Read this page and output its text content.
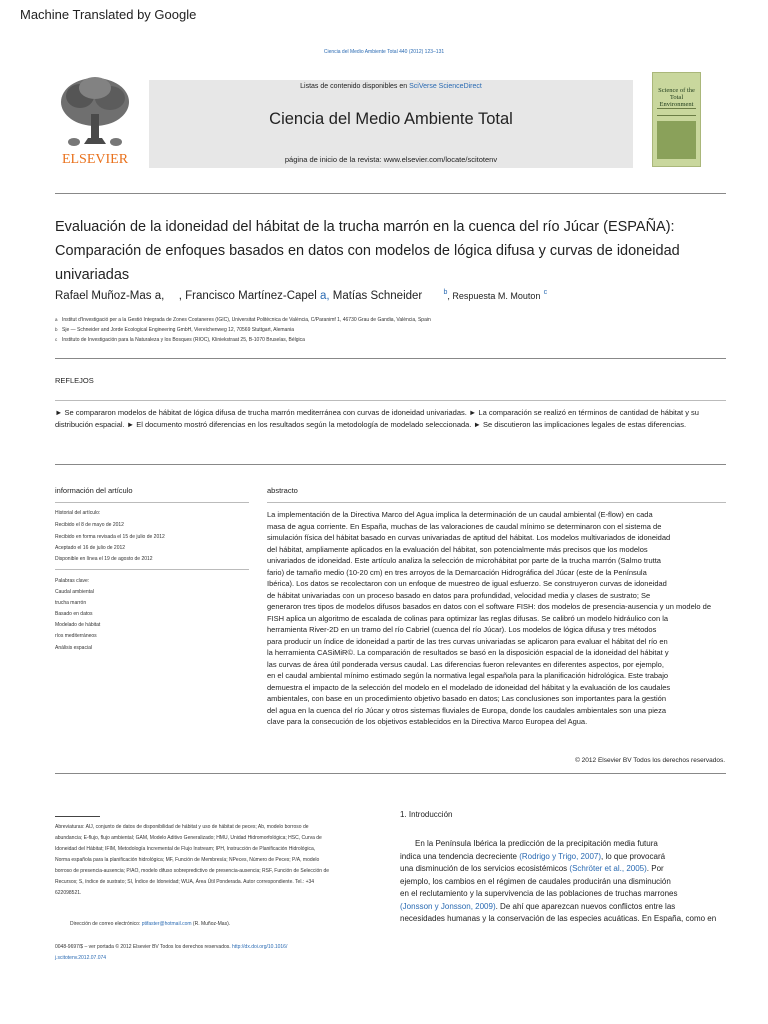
Machine Translated by Google
Ciencia del Medio Ambiente Total 440 (2012) 123–131
ELSEVIER
Listas de contenido disponibles en SciVerse ScienceDirect
Ciencia del Medio Ambiente Total
página de inicio de la revista: www.elsevier.com/locate/scitotenv
Science of the Total Environment
Evaluación de la idoneidad del hábitat de la trucha marrón en la cuenca del río Júcar (ESPAÑA): Comparación de enfoques basados en datos con modelos de lógica difusa y curvas de idoneidad univariadas
Rafael Muñoz-Mas a, , Francisco Martínez-Capel a, Matías Schneider	$^b$, Respuesta M. Mouton $^c$
a Institut d'Investigació per a la Gestió Integrada de Zones Costaneres (IGIC), Universitat Politècnica de València, C/Paranimf 1, 46730 Grau de Gandia, València, Spain
b Sje — Schneider and Jorde Ecological Engineering GmbH, Viereichenweg 12, 70569 Stuttgart, Alemania
c Instituto de Investigación para la Naturaleza y los Bosques (RIOC), Kliniekstraat 25, B-1070 Bruselas, Bélgica
REFLEJOS
► Se compararon modelos de hábitat de lógica difusa de trucha marrón mediterránea con curvas de idoneidad univariadas. ► La comparación se realizó en términos de cantidad de hábitat y su distribución espacial. ► El documento mostró diferencias en los resultados según la metodología de modelado seleccionada. ► Se discutieron las implicaciones legales de estas diferencias.
información del artículo	abstracto
Historial del artículo:
Recibido el 8 de mayo de 2012
Recibido en forma revisada el 15 de julio de 2012
Aceptado el 16 de julio de 2012
Disponible en línea el 19 de agosto de 2012
Palabras clave:
Caudal ambiental
trucha marrón
Basado en datos
Modelado de hábitat
ríos mediterráneos
Análisis espacial
La implementación de la Directiva Marco del Agua implica la determinación de un caudal ambiental (E-flow) en cada
masa de agua corriente. En España, muchas de las valoraciones de caudal mínimo se determinaron con el sistema de
simulación física del hábitat basado en curvas univariadas de aptitud del hábitat. Los modelos multivariados de idoneidad
del hábitat, ampliamente aplicados en la evaluación del hábitat, son potencialmente más precisos que los modelos
univariados de idoneidad. Este artículo analiza la selección de microhábitat por parte de la trucha marrón (Salmo trutta
fario) de tamaño medio (10-20 cm) en tres arroyos de la Demarcación Hidrográfica del Júcar (este de la Península
Ibérica). Los datos se recolectaron con un enfoque de muestreo de igual esfuerzo. Se construyeron curvas de idoneidad
de hábitat univariadas con un proceso basado en datos para profundidad, velocidad media y clases de sustrato; Se
generaron tres tipos de modelos difusos basados en datos con el software FISH: dos modelos de presencia-ausencia y un modelo de
FISH aplica un algoritmo de escalada de colinas para optimizar las reglas difusas. Se calibró un modelo hidráulico con la
herramienta River-2D en un tramo del río Cabriel (cuenca del río Júcar). Los modelos de lógica difusa y tres métodos
para producir un índice de idoneidad a partir de las tres curvas univariadas se aplicaron para evaluar el hábitat del río en
la herramienta CASiMiR©. La comparación de resultados se basó en la disposición espacial de la idoneidad del hábitat y
las curvas de área útil ponderada versus caudal. Las diferencias fueron relevantes en diferentes aspectos, por ejemplo,
en el caudal ambiental mínimo estimado según la normativa legal española para la planificación hidrológica. Este trabajo
demuestra el impacto de la selección del modelo en el modelado de idoneidad del hábitat y la evaluación de los caudales
ambientales, con base en un procedimiento objetivo basado en datos; Las conclusiones son importantes para la gestión
del agua en la cuenca del río Júcar y otros sistemas fluviales de Europa, donde los caudales ambientales son una pieza
clave para la consecución de los objetivos establecidos en la Directiva Marco Europea del Agua.
© 2012 Elsevier BV Todos los derechos reservados.
Abreviaturas: AIJ, conjunto de datos de disponibilidad de hábitat y uso de hábitat de peces; Ab, modelo borroso de
abundancia; E-flujo, flujo ambiental; GAM, Modelo Aditivo Generalizado; HMU, Unidad Hidromorfológica; HSC, Curva de
Idoneidad del Hábitat; IFIM, Metodología Incremental de Flujo Instream; IPH, Instrucción de Planificación Hidrológica,
Norma española para la planificación hidrológica; MF, Función de Membresía; NPeces, Número de Peces; P/A, modelo
borroso de presencia-ausencia; P/AO, modelo difuso sobrepredictivo de presencia-ausencia; RSF, Función de Selección de
Recursos; S, índice de sustrato; SI, Índice de Idoneidad; WUA, Área Útil Ponderada. Autor correspondiente. Tel.: +34
622098521.
Dirección de correo electrónico: ptifaster@hotmail.com (R. Muñoz-Mas).
0048-9697/$ – ver portada © 2012 Elsevier BV Todos los derechos reservados. http://dx.doi.org/10.1016/
j.scitotenv.2012.07.074
1. Introducción
En la Península Ibérica la predicción de la precipitación media futura
indica una tendencia decreciente (Rodrigo y Trigo, 2007), lo que provocará
una disminución de los servicios ecosistémicos (Schröter et al., 2005). Por
ejemplo, los cambios en el régimen de caudales producirán una disminución
en el reclutamiento y la supervivencia de las poblaciones de truchas marrones
(Jonsson y Jonsson, 2009). De ahí que aparezcan nuevos conflictos entre las
necesidades humanas y la conservación de las especies acuáticas. En España, como en
